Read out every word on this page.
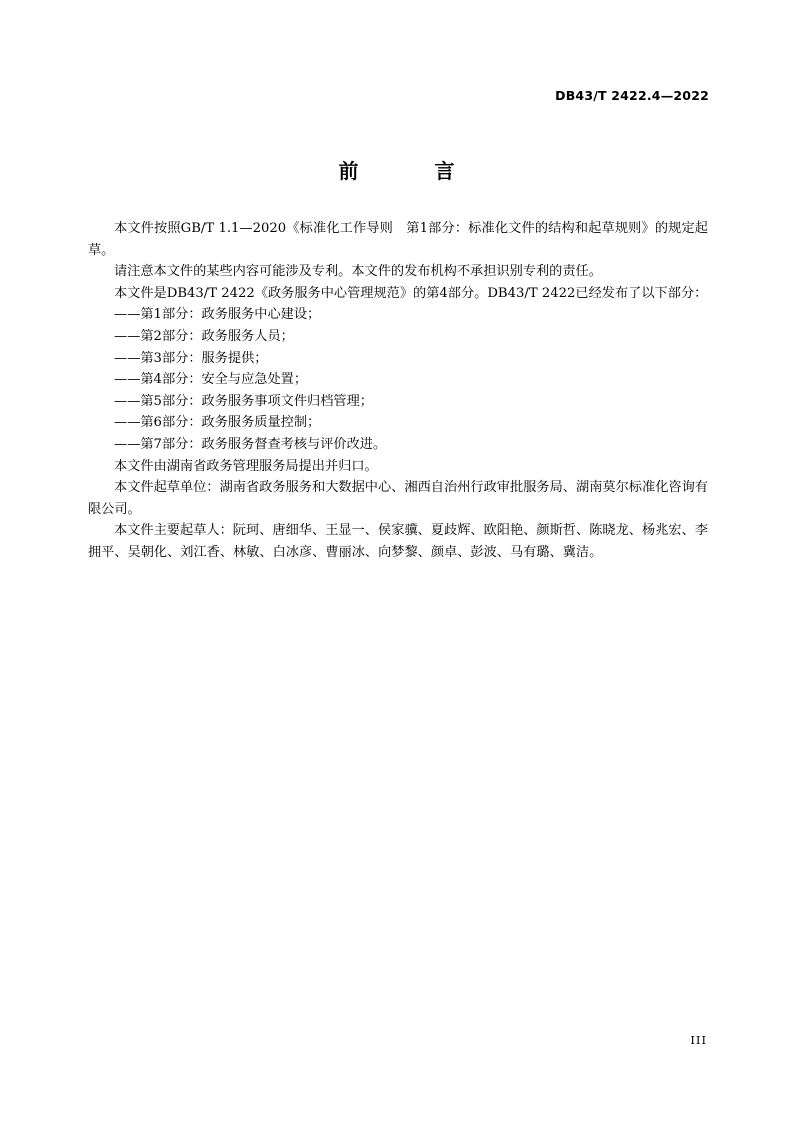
DB43/T 2422.4—2022
前　言

本文件按照GB/T 1.1—2020《标准化工作导则　第1部分：标准化文件的结构和起草规则》的规定起草。

请注意本文件的某些内容可能涉及专利。本文件的发布机构不承担识别专利的责任。

本文件是DB43/T 2422《政务服务中心管理规范》的第4部分。DB43/T 2422已经发布了以下部分：

——第1部分：政务服务中心建设；

——第2部分：政务服务人员；

——第3部分：服务提供；

——第4部分：安全与应急处置；

——第5部分：政务服务事项文件归档管理；

——第6部分：政务服务质量控制；

——第7部分：政务服务督查考核与评价改进。

本文件由湖南省政务管理服务局提出并归口。

本文件起草单位：湖南省政务服务和大数据中心、湘西自治州行政审批服务局、湖南莫尔标准化咨询有限公司。

本文件主要起草人：阮珂、唐细华、王显一、侯家骥、夏歧辉、欧阳艳、颜斯哲、陈晓龙、杨兆宏、李拥平、吴朝化、刘江香、林敏、白冰彦、曹丽冰、向梦黎、颜卓、彭波、马有璐、冀洁。

III
